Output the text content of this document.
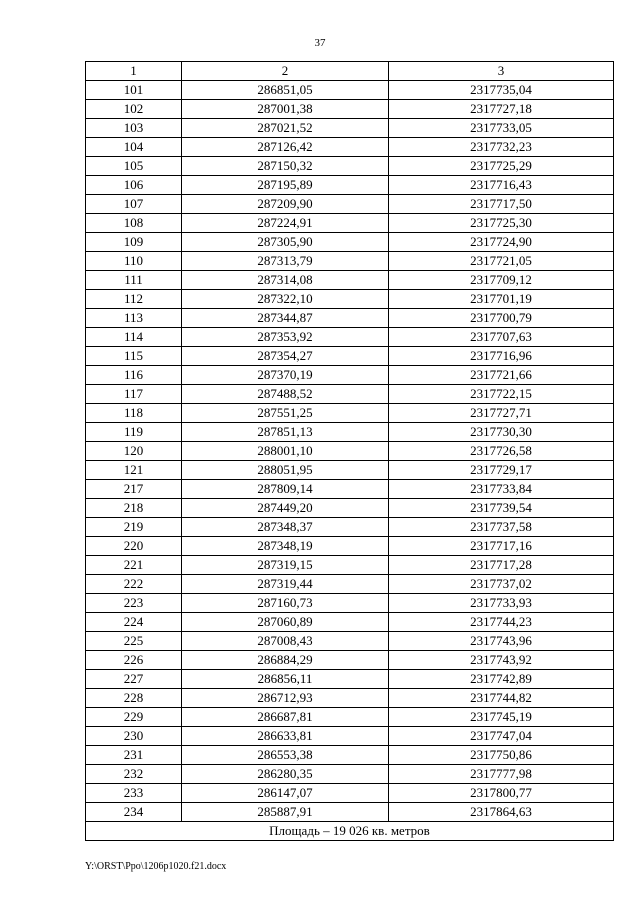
37
1	2	3
101	286851,05	2317735,04
102	287001,38	2317727,18
103	287021,52	2317733,05
104	287126,42	2317732,23
105	287150,32	2317725,29
106	287195,89	2317716,43
107	287209,90	2317717,50
108	287224,91	2317725,30
109	287305,90	2317724,90
110	287313,79	2317721,05
111	287314,08	2317709,12
112	287322,10	2317701,19
113	287344,87	2317700,79
114	287353,92	2317707,63
115	287354,27	2317716,96
116	287370,19	2317721,66
117	287488,52	2317722,15
118	287551,25	2317727,71
119	287851,13	2317730,30
120	288001,10	2317726,58
121	288051,95	2317729,17
217	287809,14	2317733,84
218	287449,20	2317739,54
219	287348,37	2317737,58
220	287348,19	2317717,16
221	287319,15	2317717,28
222	287319,44	2317737,02
223	287160,73	2317733,93
224	287060,89	2317744,23
225	287008,43	2317743,96
226	286884,29	2317743,92
227	286856,11	2317742,89
228	286712,93	2317744,82
229	286687,81	2317745,19
230	286633,81	2317747,04
231	286553,38	2317750,86
232	286280,35	2317777,98
233	286147,07	2317800,77
234	285887,91	2317864,63
Площадь – 19 026 кв. метров		
Y:\ORST\Ppo\1206p1020.f21.docx
